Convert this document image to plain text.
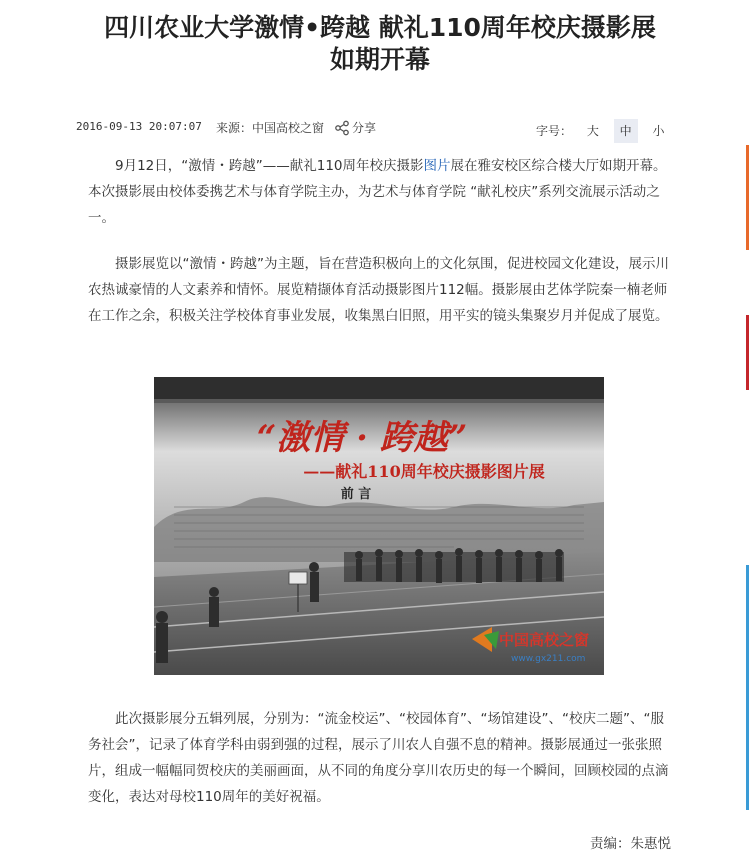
四川农业大学激情•跨越 献礼110周年校庆摄影展
如期开幕
2016-09-13 20:07:07 来源：中国高校之窗	分享	字号： 大 中 小

9月12日，“激情・跨越”——献礼110周年校庆摄影图片展在雅安校区综合楼大厅如期开幕。本次摄影展由校体委携艺术与体育学院主办，为艺术与体育学院 “献礼校庆”系列交流展示活动之一。

摄影展览以“激情・跨越”为主题，旨在营造积极向上的文化氛围，促进校园文化建设，展示川农热诚豪情的人文素养和情怀。展览精撷体育活动摄影图片112幅。摄影展由艺体学院秦一楠老师在工作之余，积极关注学校体育事业发展，收集黑白旧照，用平实的镜头集聚岁月并促成了展览。

“激情 · 跨越”
——献礼110周年校庆摄影图片展
前 言
中国高校之窗
www.gx211.com

此次摄影展分五辑列展，分别为：“流金校运”、“校园体育”、“场馆建设”、“校庆二题”、“服务社会”，记录了体育学科由弱到强的过程，展示了川农人自强不息的精神。摄影展通过一张张照片，组成一幅幅同贺校庆的美丽画面，从不同的角度分享川农历史的每一个瞬间，回顾校园的点滴变化，表达对母校110周年的美好祝福。

责编：朱惠悦
